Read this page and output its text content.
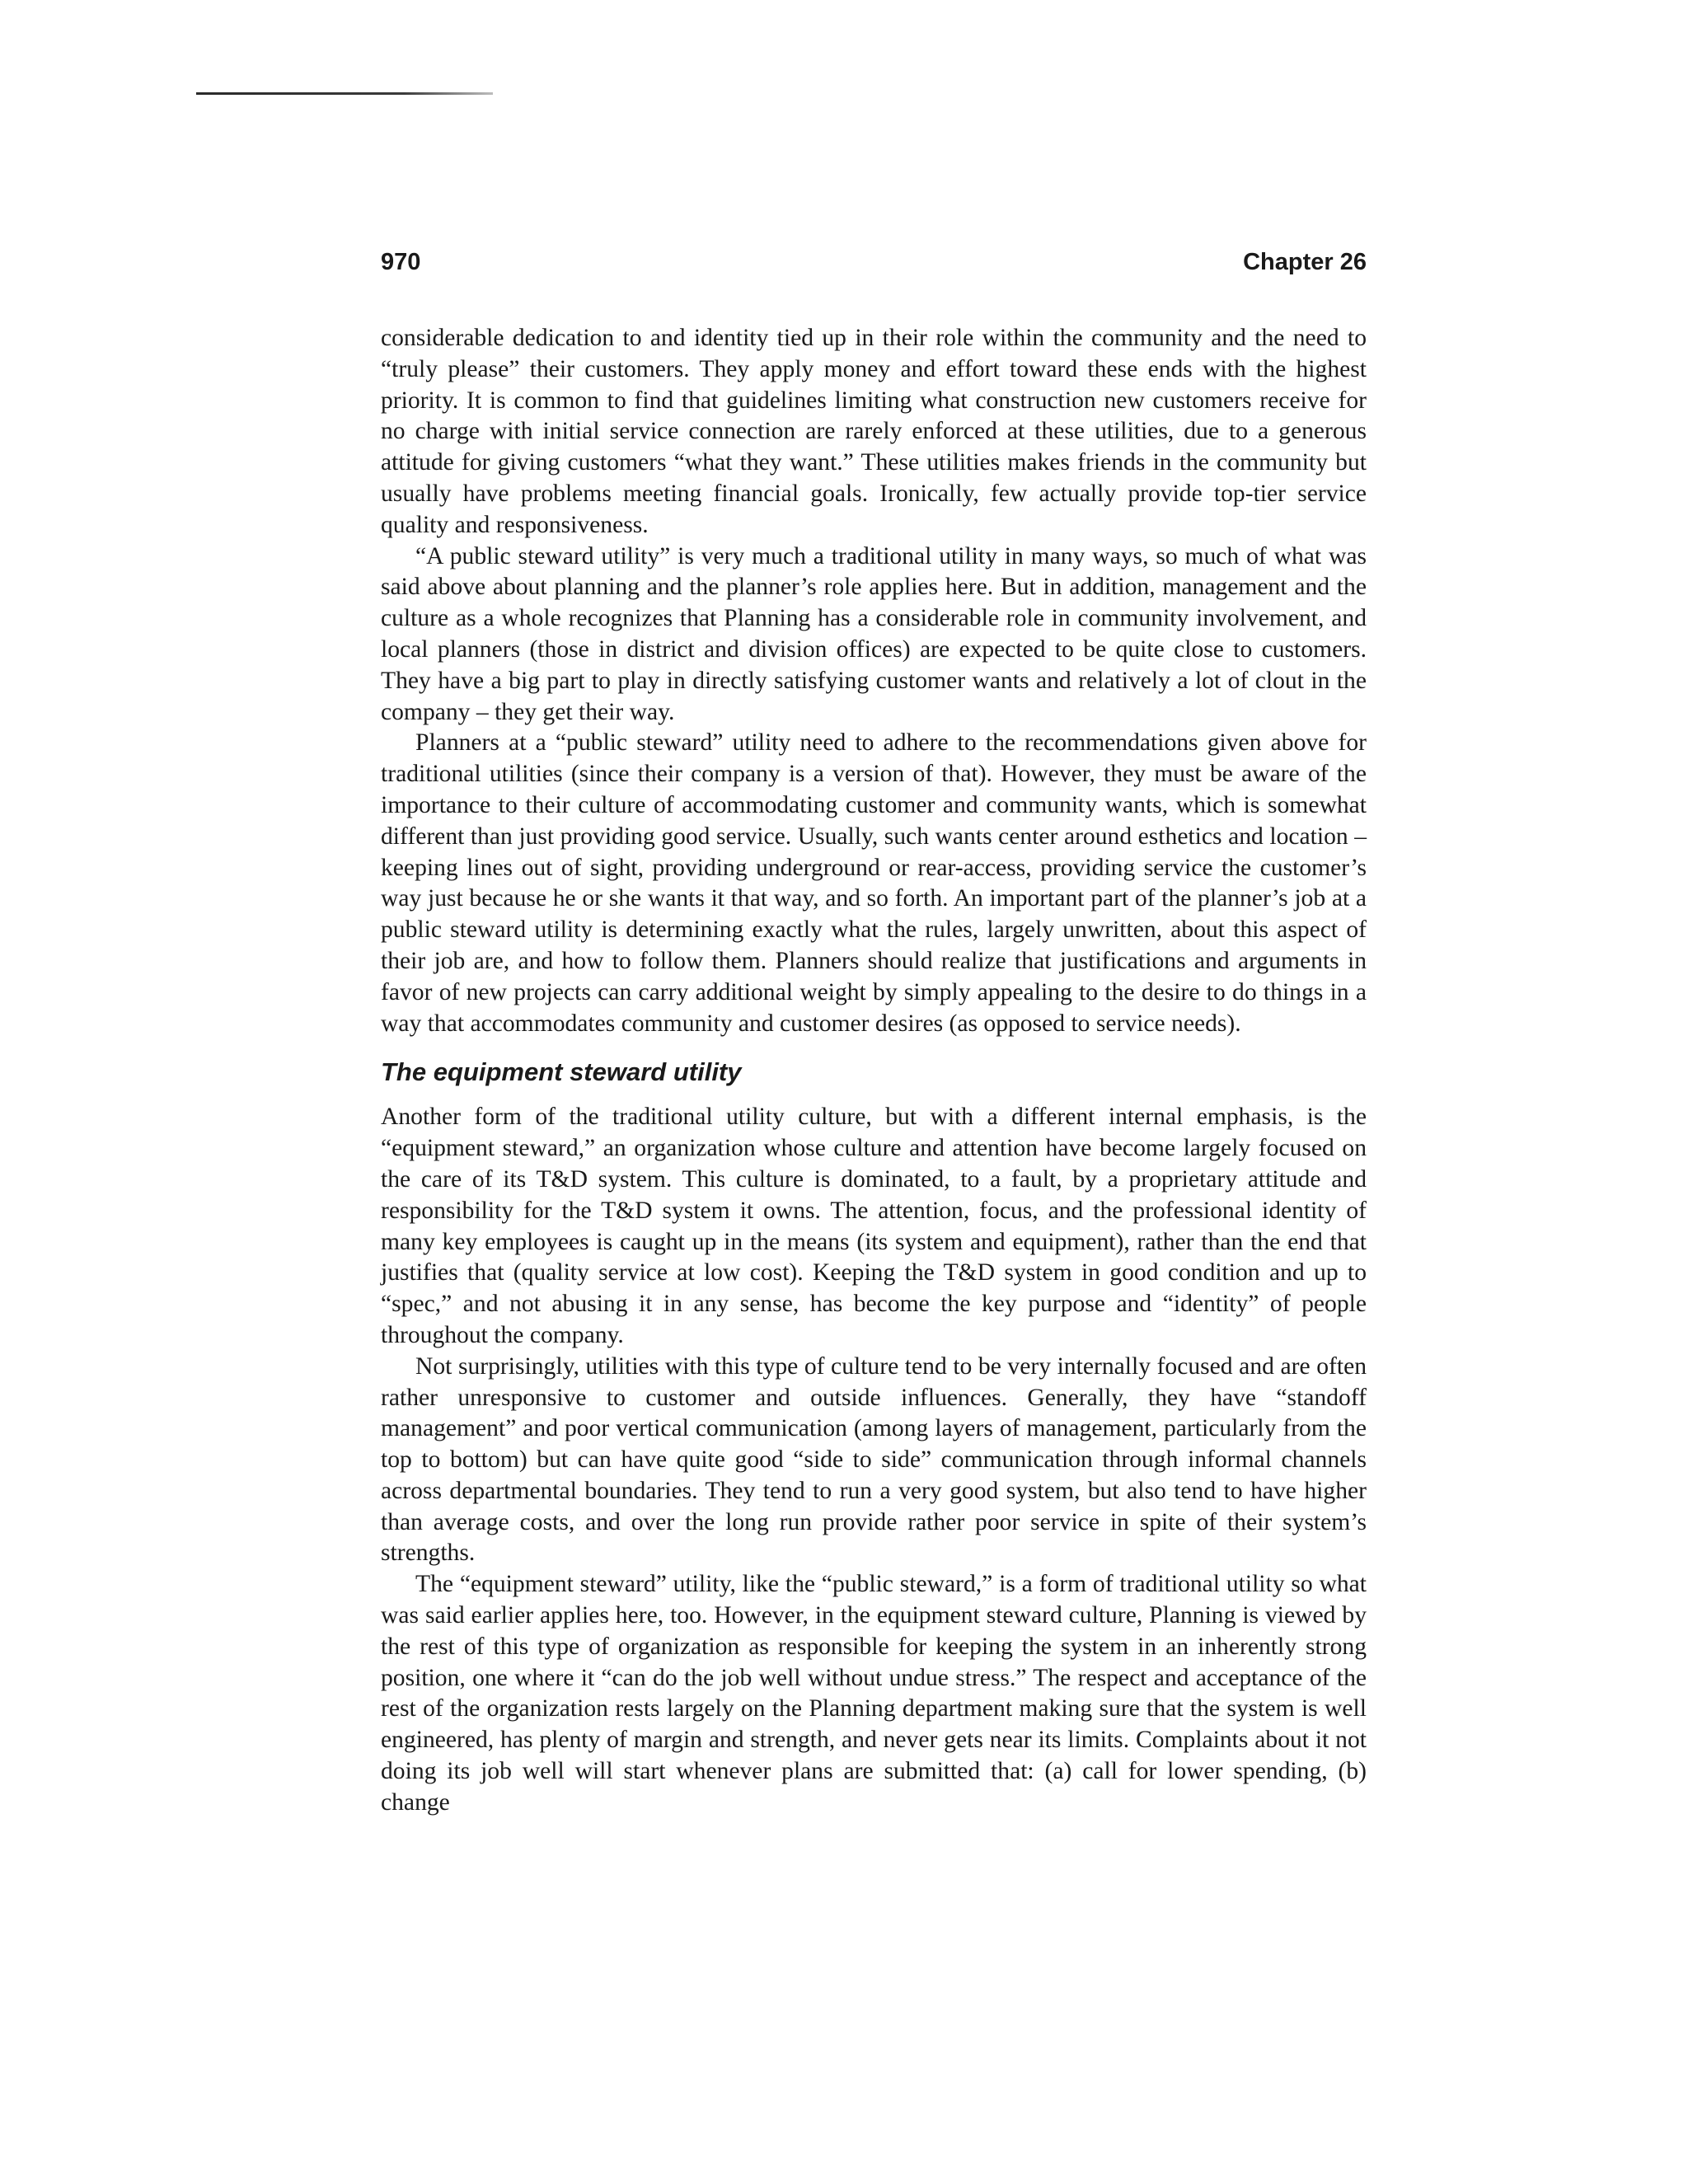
970	Chapter 26

considerable dedication to and identity tied up in their role within the community and the need to “truly please” their customers. They apply money and effort toward these ends with the highest priority. It is common to find that guidelines limiting what construction new customers receive for no charge with initial service connection are rarely enforced at these utilities, due to a generous attitude for giving customers “what they want.” These utilities makes friends in the community but usually have problems meeting financial goals. Ironically, few actually provide top-tier service quality and responsiveness.

“A public steward utility” is very much a traditional utility in many ways, so much of what was said above about planning and the planner’s role applies here. But in addition, management and the culture as a whole recognizes that Planning has a considerable role in community involvement, and local planners (those in district and division offices) are expected to be quite close to customers. They have a big part to play in directly satisfying customer wants and relatively a lot of clout in the company – they get their way.

Planners at a “public steward” utility need to adhere to the recommendations given above for traditional utilities (since their company is a version of that). However, they must be aware of the importance to their culture of accommodating customer and community wants, which is somewhat different than just providing good service. Usually, such wants center around esthetics and location – keeping lines out of sight, providing underground or rear-access, providing service the customer’s way just because he or she wants it that way, and so forth. An important part of the planner’s job at a public steward utility is determining exactly what the rules, largely unwritten, about this aspect of their job are, and how to follow them. Planners should realize that justifications and arguments in favor of new projects can carry additional weight by simply appealing to the desire to do things in a way that accommodates community and customer desires (as opposed to service needs).

The equipment steward utility

Another form of the traditional utility culture, but with a different internal emphasis, is the “equipment steward,” an organization whose culture and attention have become largely focused on the care of its T&D system. This culture is dominated, to a fault, by a proprietary attitude and responsibility for the T&D system it owns. The attention, focus, and the professional identity of many key employees is caught up in the means (its system and equipment), rather than the end that justifies that (quality service at low cost). Keeping the T&D system in good condition and up to “spec,” and not abusing it in any sense, has become the key purpose and “identity” of people throughout the company.

Not surprisingly, utilities with this type of culture tend to be very internally focused and are often rather unresponsive to customer and outside influences. Generally, they have “standoff management” and poor vertical communication (among layers of management, particularly from the top to bottom) but can have quite good “side to side” communication through informal channels across departmental boundaries. They tend to run a very good system, but also tend to have higher than average costs, and over the long run provide rather poor service in spite of their system’s strengths.

The “equipment steward” utility, like the “public steward,” is a form of traditional utility so what was said earlier applies here, too. However, in the equipment steward culture, Planning is viewed by the rest of this type of organization as responsible for keeping the system in an inherently strong position, one where it “can do the job well without undue stress.” The respect and acceptance of the rest of the organization rests largely on the Planning department making sure that the system is well engineered, has plenty of margin and strength, and never gets near its limits. Complaints about it not doing its job well will start whenever plans are submitted that: (a) call for lower spending, (b) change
